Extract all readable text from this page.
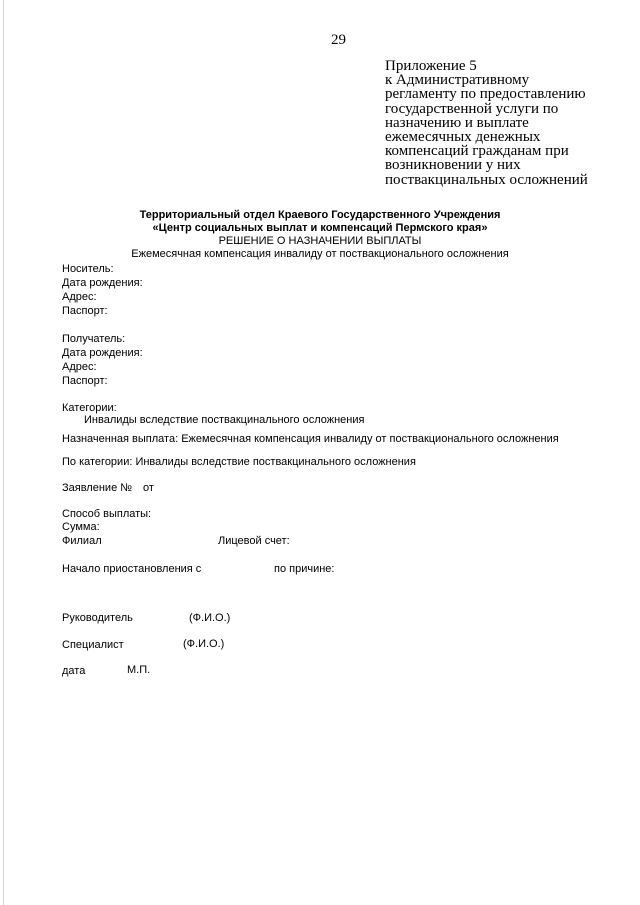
29
Приложение 5
к Административному
регламенту по предоставлению
государственной услуги по
назначению и выплате
ежемесячных денежных
компенсаций гражданам при
возникновении у них
поствакцинальных осложнений
Территориальный отдел Краевого Государственного Учреждения
«Центр социальных выплат и компенсаций Пермского края»
РЕШЕНИЕ О НАЗНАЧЕНИИ ВЫПЛАТЫ
Ежемесячная компенсация инвалиду от поствакционального осложнения
Носитель:
Дата рождения:
Адрес:
Паспорт:
Получатель:
Дата рождения:
Адрес:
Паспорт:
Категории:
Инвалиды вследствие поствакцинального осложнения
Назначенная выплата: Ежемесячная компенсация инвалиду от поствакционального осложнения
По категории: Инвалиды вследствие поствакцинального осложнения
Заявление № от
Способ выплаты:
Сумма:
Филиал	Лицевой счет:
Начало приостановления с	по причине:
Руководитель	(Ф.И.О.)
Специалист	(Ф.И.О.)
дата	М.П.
